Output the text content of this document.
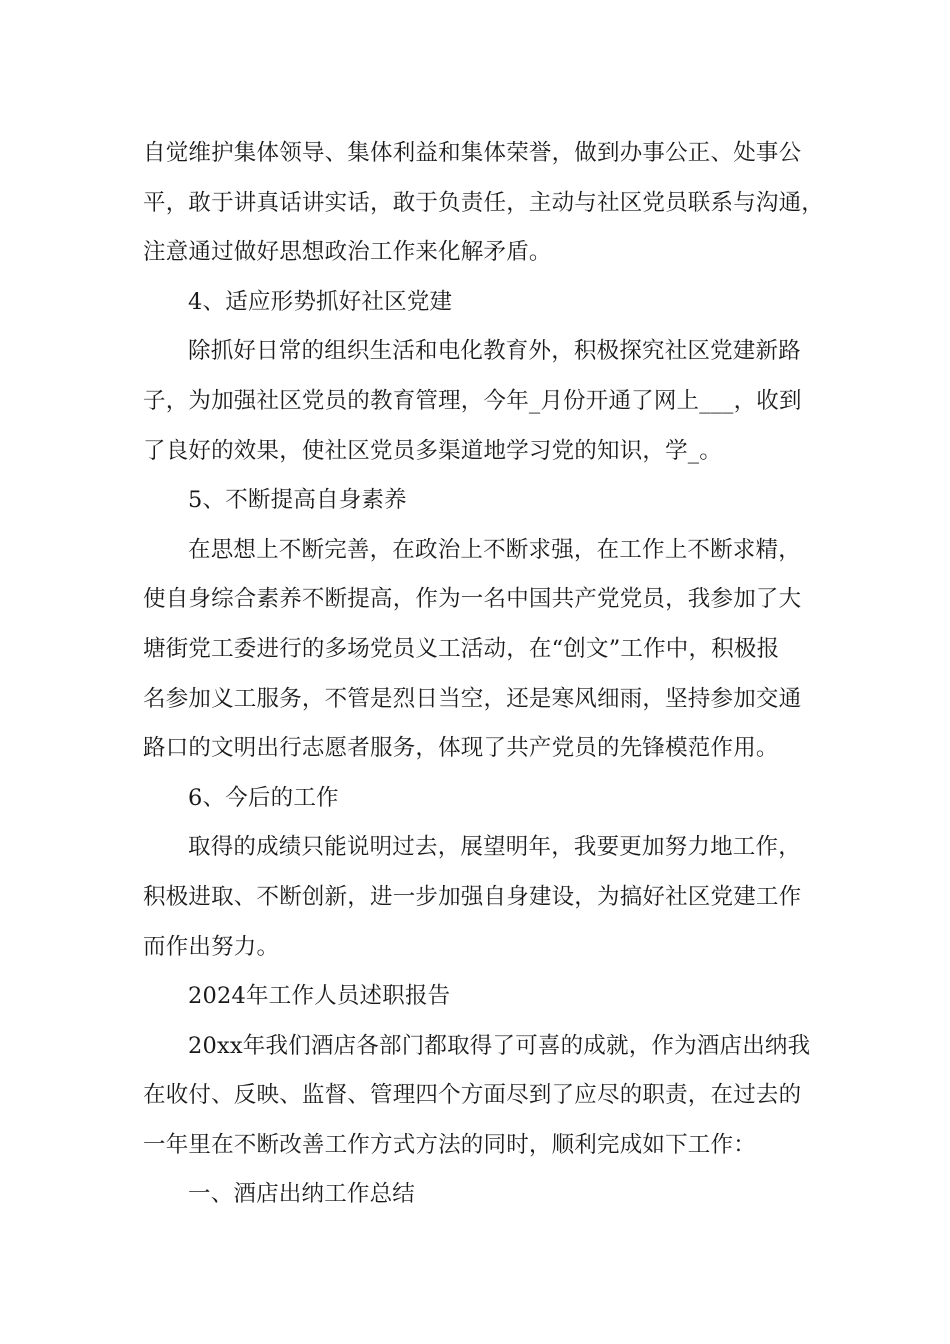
自觉维护集体领导、集体利益和集体荣誉，做到办事公正、处事公

平，敢于讲真话讲实话，敢于负责任，主动与社区党员联系与沟通，

注意通过做好思想政治工作来化解矛盾。

4、适应形势抓好社区党建

除抓好日常的组织生活和电化教育外，积极探究社区党建新路

子，为加强社区党员的教育管理，今年_月份开通了网上___，收到

了良好的效果，使社区党员多渠道地学习党的知识，学_。

5、不断提高自身素养

在思想上不断完善，在政治上不断求强，在工作上不断求精，

使自身综合素养不断提高，作为一名中国共产党党员，我参加了大

塘街党工委进行的多场党员义工活动，在“创文”工作中，积极报

名参加义工服务，不管是烈日当空，还是寒风细雨，坚持参加交通

路口的文明出行志愿者服务，体现了共产党员的先锋模范作用。

6、今后的工作

取得的成绩只能说明过去，展望明年，我要更加努力地工作，

积极进取、不断创新，进一步加强自身建设，为搞好社区党建工作

而作出努力。

2024年工作人员述职报告

20xx年我们酒店各部门都取得了可喜的成就，作为酒店出纳我

在收付、反映、监督、管理四个方面尽到了应尽的职责，在过去的

一年里在不断改善工作方式方法的同时，顺利完成如下工作：

一、酒店出纳工作总结
